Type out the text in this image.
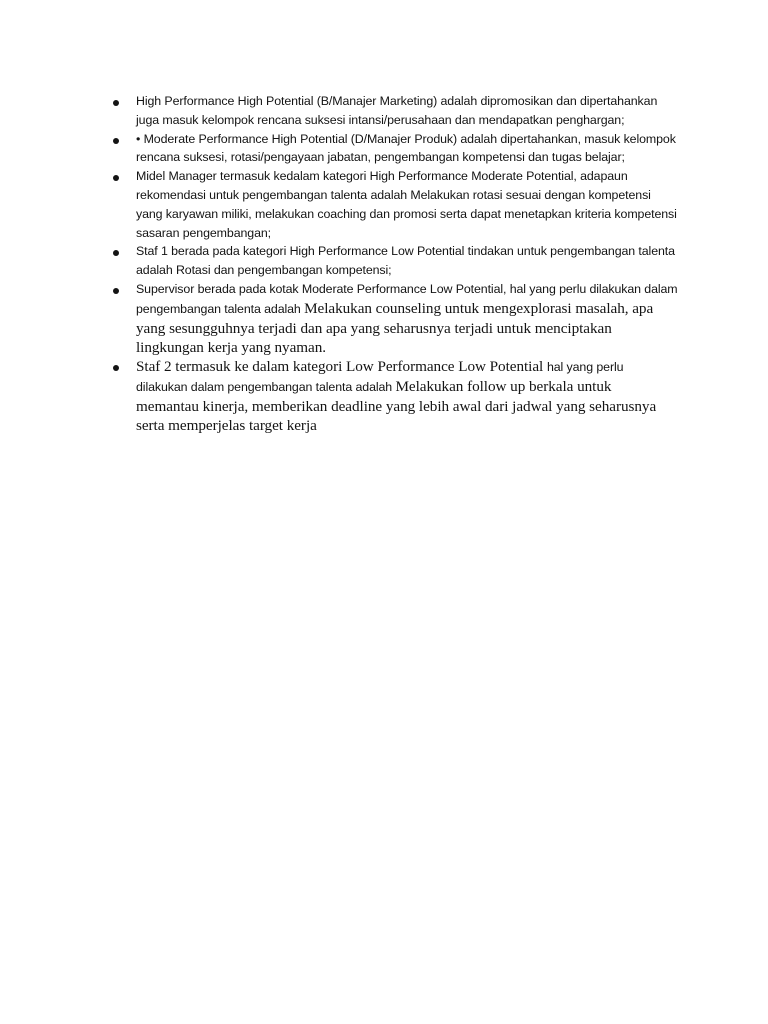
High Performance High Potential (B/Manajer Marketing) adalah dipromosikan dan dipertahankan juga masuk kelompok rencana suksesi intansi/perusahaan dan mendapatkan penghargan;
• Moderate Performance High Potential (D/Manajer Produk) adalah dipertahankan, masuk kelompok rencana suksesi, rotasi/pengayaan jabatan, pengembangan kompetensi dan tugas belajar;
Midel Manager termasuk kedalam kategori High Performance Moderate Potential, adapaun rekomendasi untuk pengembangan talenta adalah Melakukan rotasi sesuai dengan kompetensi yang karyawan miliki, melakukan coaching dan promosi serta dapat menetapkan kriteria kompetensi sasaran pengembangan;
Staf 1 berada pada kategori High Performance Low Potential tindakan untuk pengembangan talenta adalah Rotasi dan pengembangan kompetensi;
Supervisor berada pada kotak Moderate Performance Low Potential, hal yang perlu dilakukan dalam pengembangan talenta adalah Melakukan counseling untuk mengexplorasi masalah, apa yang sesungguhnya terjadi dan apa yang seharusnya terjadi untuk menciptakan lingkungan kerja yang nyaman.
Staf 2 termasuk ke dalam kategori Low Performance Low Potential hal yang perlu dilakukan dalam pengembangan talenta adalah Melakukan follow up berkala untuk memantau kinerja, memberikan deadline yang lebih awal dari jadwal yang seharusnya serta memperjelas target kerja
